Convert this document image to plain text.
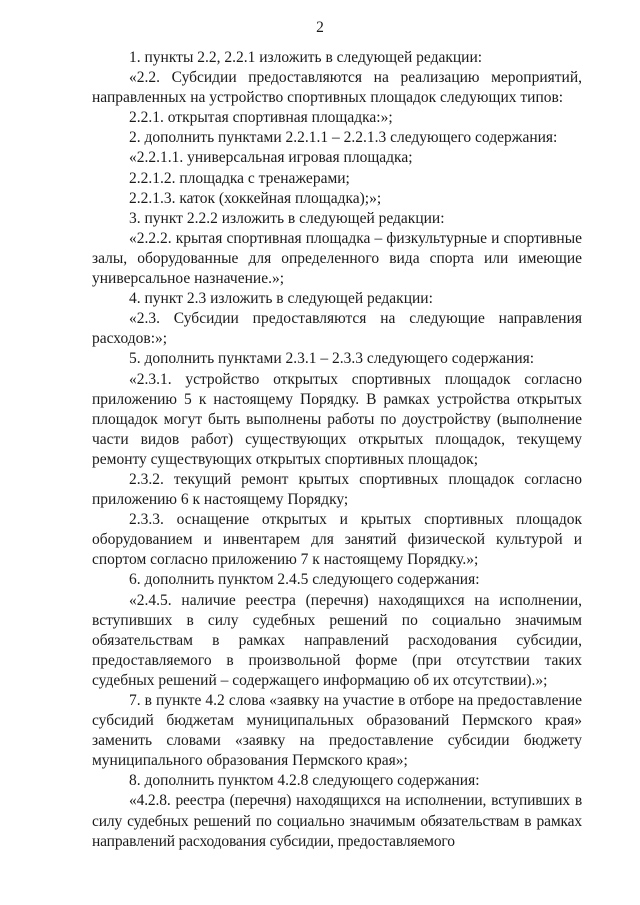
2

1. пункты 2.2, 2.2.1 изложить в следующей редакции:

«2.2. Субсидии предоставляются на реализацию мероприятий, направленных на устройство спортивных площадок следующих типов:

2.2.1. открытая спортивная площадка:»;

2. дополнить пунктами 2.2.1.1 – 2.2.1.3 следующего содержания:

«2.2.1.1. универсальная игровая площадка;

2.2.1.2. площадка с тренажерами;

2.2.1.3. каток (хоккейная площадка);»;

3. пункт 2.2.2 изложить в следующей редакции:

«2.2.2. крытая спортивная площадка – физкультурные и спортивные залы, оборудованные для определенного вида спорта или имеющие универсальное назначение.»;

4. пункт 2.3 изложить в следующей редакции:

«2.3. Субсидии предоставляются на следующие направления расходов:»;

5. дополнить пунктами 2.3.1 – 2.3.3 следующего содержания:

«2.3.1. устройство открытых спортивных площадок согласно приложению 5 к настоящему Порядку. В рамках устройства открытых площадок могут быть выполнены работы по доустройству (выполнение части видов работ) существующих открытых площадок, текущему ремонту существующих открытых спортивных площадок;

2.3.2. текущий ремонт крытых спортивных площадок согласно приложению 6 к настоящему Порядку;

2.3.3. оснащение открытых и крытых спортивных площадок оборудованием и инвентарем для занятий физической культурой и спортом согласно приложению 7 к настоящему Порядку.»;

6. дополнить пунктом 2.4.5 следующего содержания:

«2.4.5. наличие реестра (перечня) находящихся на исполнении, вступивших в силу судебных решений по социально значимым обязательствам в рамках направлений расходования субсидии, предоставляемого в произвольной форме (при отсутствии таких судебных решений – содержащего информацию об их отсутствии).»;

7. в пункте 4.2 слова «заявку на участие в отборе на предоставление субсидий бюджетам муниципальных образований Пермского края» заменить словами «заявку на предоставление субсидии бюджету муниципального образования Пермского края»;

8. дополнить пунктом 4.2.8 следующего содержания:

«4.2.8. реестра (перечня) находящихся на исполнении, вступивших в силу судебных решений по социально значимым обязательствам в рамках направлений расходования субсидии, предоставляемого
